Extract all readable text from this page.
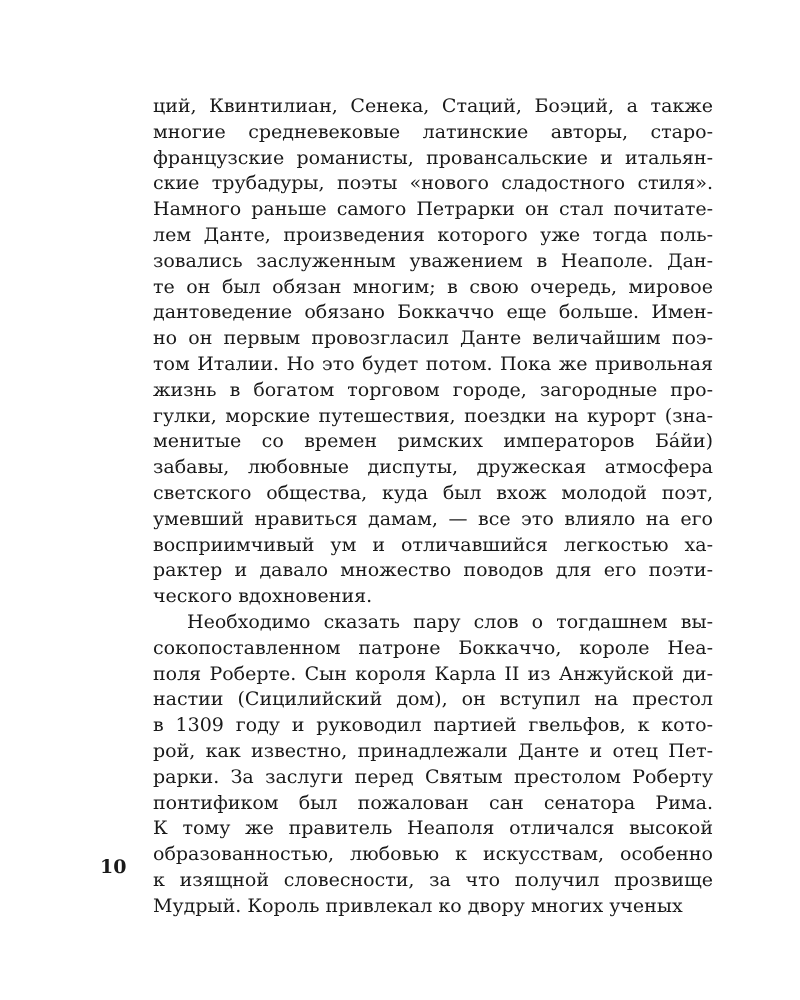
ций, Квинтилиан, Сенека, Стаций, Боэций, а также
многие средневековые латинские авторы, старо-
французские романисты, провансальские и итальян-
ские трубадуры, поэты «нового сладостного стиля».
Намного раньше самого Петрарки он стал почитате-
лем Данте, произведения которого уже тогда поль-
зовались заслуженным уважением в Неаполе. Дан-
те он был обязан многим; в свою очередь, мировое
дантоведение обязано Боккаччо еще больше. Имен-
но он первым провозгласил Данте величайшим поэ-
том Италии. Но это будет потом. Пока же привольная
жизнь в богатом торговом городе, загородные про-
гулки, морские путешествия, поездки на курорт (зна-
менитые со времен римских императоров Бáйи)
забавы, любовные диспуты, дружеская атмосфера
светского общества, куда был вхож молодой поэт,
умевший нравиться дамам, — все это влияло на его
восприимчивый ум и отличавшийся легкостью ха-
рактер и давало множество поводов для его поэти-
ческого вдохновения.
Необходимо сказать пару слов о тогдашнем вы-
сокопоставленном патроне Боккаччо, короле Неа-
поля Роберте. Сын короля Карла II из Анжуйской ди-
настии (Сицилийский дом), он вступил на престол
в 1309 году и руководил партией гвельфов, к кото-
рой, как известно, принадлежали Данте и отец Пет-
рарки. За заслуги перед Святым престолом Роберту
понтификом был пожалован сан сенатора Рима.
К тому же правитель Неаполя отличался высокой
образованностью, любовью к искусствам, особенно
к изящной словесности, за что получил прозвище
Мудрый. Король привлекал ко двору многих ученых
10
